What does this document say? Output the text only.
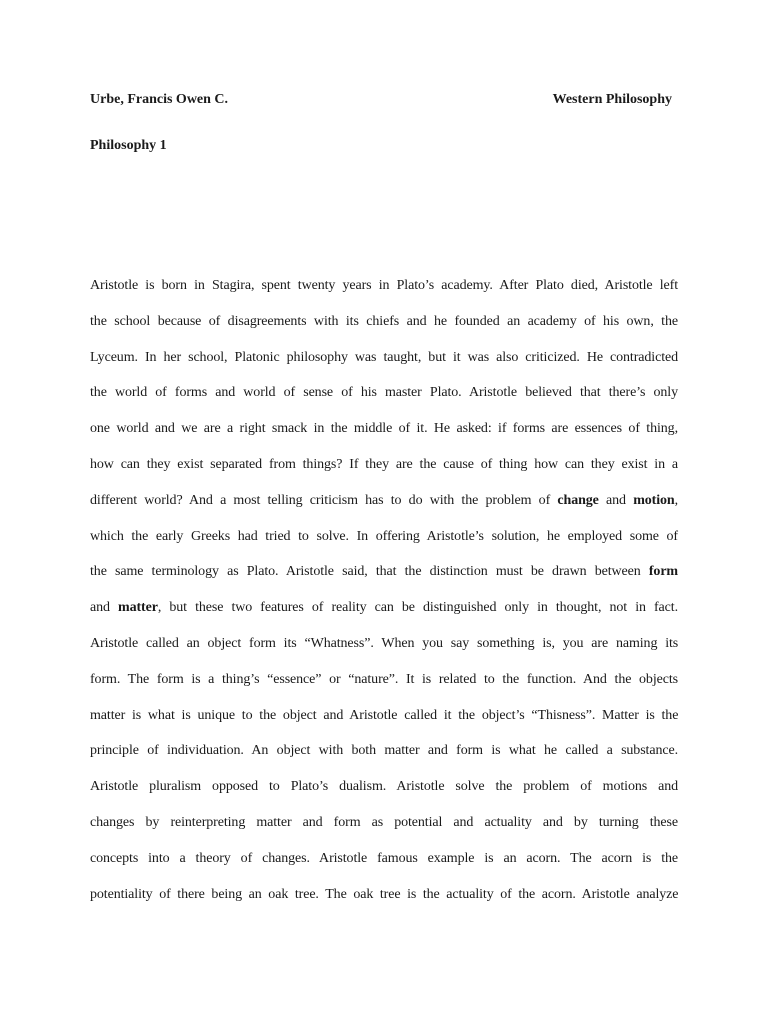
Urbe, Francis Owen C.	Western Philosophy
Philosophy 1
Aristotle is born in Stagira, spent twenty years in Plato’s academy. After Plato died, Aristotle left
the school because of disagreements with its chiefs and he founded an academy of his own, the
Lyceum. In her school, Platonic philosophy was taught, but it was also criticized. He contradicted
the world of forms and world of sense of his master Plato. Aristotle believed that there’s only
one world and we are a right smack in the middle of it. He asked: if forms are essences of thing,
how can they exist separated from things? If they are the cause of thing how can they exist in a
different world? And a most telling criticism has to do with the problem of change and motion,
which the early Greeks had tried to solve. In offering Aristotle’s solution, he employed some of
the same terminology as Plato. Aristotle said, that the distinction must be drawn between form
and matter, but these two features of reality can be distinguished only in thought, not in fact.
Aristotle called an object form its “Whatness”. When you say something is, you are naming its
form. The form is a thing’s “essence” or “nature”. It is related to the function. And the objects
matter is what is unique to the object and Aristotle called it the object’s “Thisness”. Matter is the
principle of individuation. An object with both matter and form is what he called a substance.
Aristotle pluralism opposed to Plato’s dualism. Aristotle solve the problem of motions and
changes by reinterpreting matter and form as potential and actuality and by turning these
concepts into a theory of changes. Aristotle famous example is an acorn. The acorn is the
potentiality of there being an oak tree. The oak tree is the actuality of the acorn. Aristotle analyze
